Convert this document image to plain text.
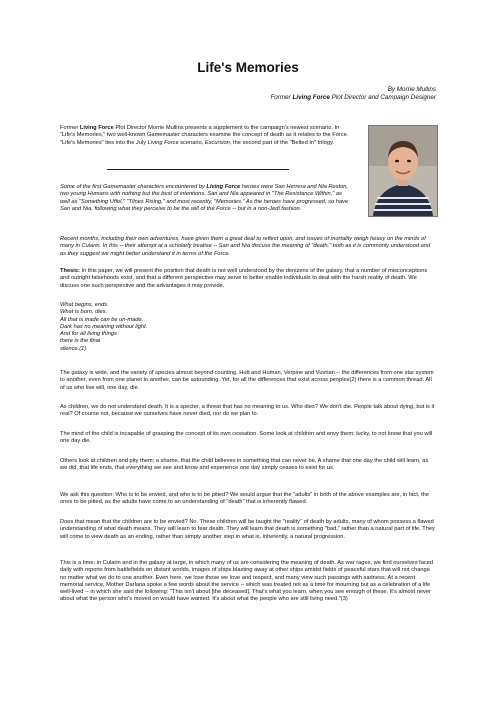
Life's Memories
By Morrie Mullins
Former Living Force Plot Director and Campaign Designer

Former Living Force Plot Director Morrie Mullins presents a supplement to the campaign's newest scenario. In "Life's Memories," two well-known Gamemaster characters examine the concept of death as it relates to the Force. "Life's Memories" ties into the July Living Force scenario, Excursion, the second part of the "Belted In" trilogy.

Some of the first Gamemaster characters encountered by Living Force heroes were San Herrera and Nia Reston, two young Humans with nothing but the best of intentions. San and Nia appeared in "The Resistance Within," as well as "Something Uffel," "Tilnes Rising," and most recently, "Memories." As the heroes have progressed, so have San and Nia, following what they perceive to be the will of the Force -- but in a non-Jedi fashion.

Recent months, including their own adventures, have given them a great deal to reflect upon, and issues of mortality weigh heavy on the minds of many in Cularin. In this -- their attempt at a scholarly treatise -- San and Nia discuss the meaning of "death," both as it is commonly understood and as they suggest we might better understand it in terms of the Force.

Thesis: In this paper, we will present the position that death is not well understood by the denizens of the galaxy, that a number of misconceptions and outright falsehoods exist, and that a different perspective may serve to better enable individuals to deal with the harsh reality of death. We discuss one such perspective and the advantages it may provide.

What begins, ends.
What is born, dies.
All that is made can be un-made.
Dark has no meaning without light.
And for all living things
there is the final
silence.(1)

The galaxy is wide, and the variety of species almost beyond counting. Hutt and Human, Verpine and Vuvrian -- the differences from one star system to another, even from one planet to another, can be astounding. Yet, for all the differences that exist across peoples(2) there is a common thread. All of us who live will, one day, die.

As children, we do not understand death. It is a specter, a threat that has no meaning to us. Who dies? We don't die. People talk about dying, but is it real? Of course not, because we ourselves have never died, nor do we plan to.

The mind of the child is incapable of grasping the concept of its own cessation. Some look at children and envy them; lucky, to not know that you will one day die.

Others look at children and pity them; a shame, that the child believes in something that can never be. A shame that one day the child will learn, as we did, that life ends, that everything we see and know and experience one day simply ceases to exist for us.

We ask this question: Who is to be envied, and who is to be pitied? We would argue that the "adults" in both of the above examples are, in fact, the ones to be pitied, as the adults have come to an understanding of "death" that is inherently flawed.

Does that mean that the children are to be envied? No. These children will be taught the "reality" of death by adults, many of whom possess a flawed understanding of what death means. They will learn to fear death. They will learn that death is something "bad," rather than a natural part of life. They will come to view death as an ending, rather than simply another step in what is, inherently, a natural progression.

This is a time, in Cularin and in the galaxy at large, in which many of us are considering the meaning of death. As war rages, we find ourselves faced daily with reports from battlefields on distant worlds, images of ships blasting away at other ships amidst fields of peaceful stars that will not change no matter what we do to one another. Even here, we lose those we love and respect, and many view such passings with sadness. At a recent memorial service, Mother Darlana spoke a few words about the service -- which was treated not as a time for mourning but as a celebration of a life well-lived -- in which she said the following: "This isn't about [the deceased]. That's what you learn, when you see enough of these. It's almost never about what the person who's moved on would have wanted. It's about what the people who are still living need."(3)
